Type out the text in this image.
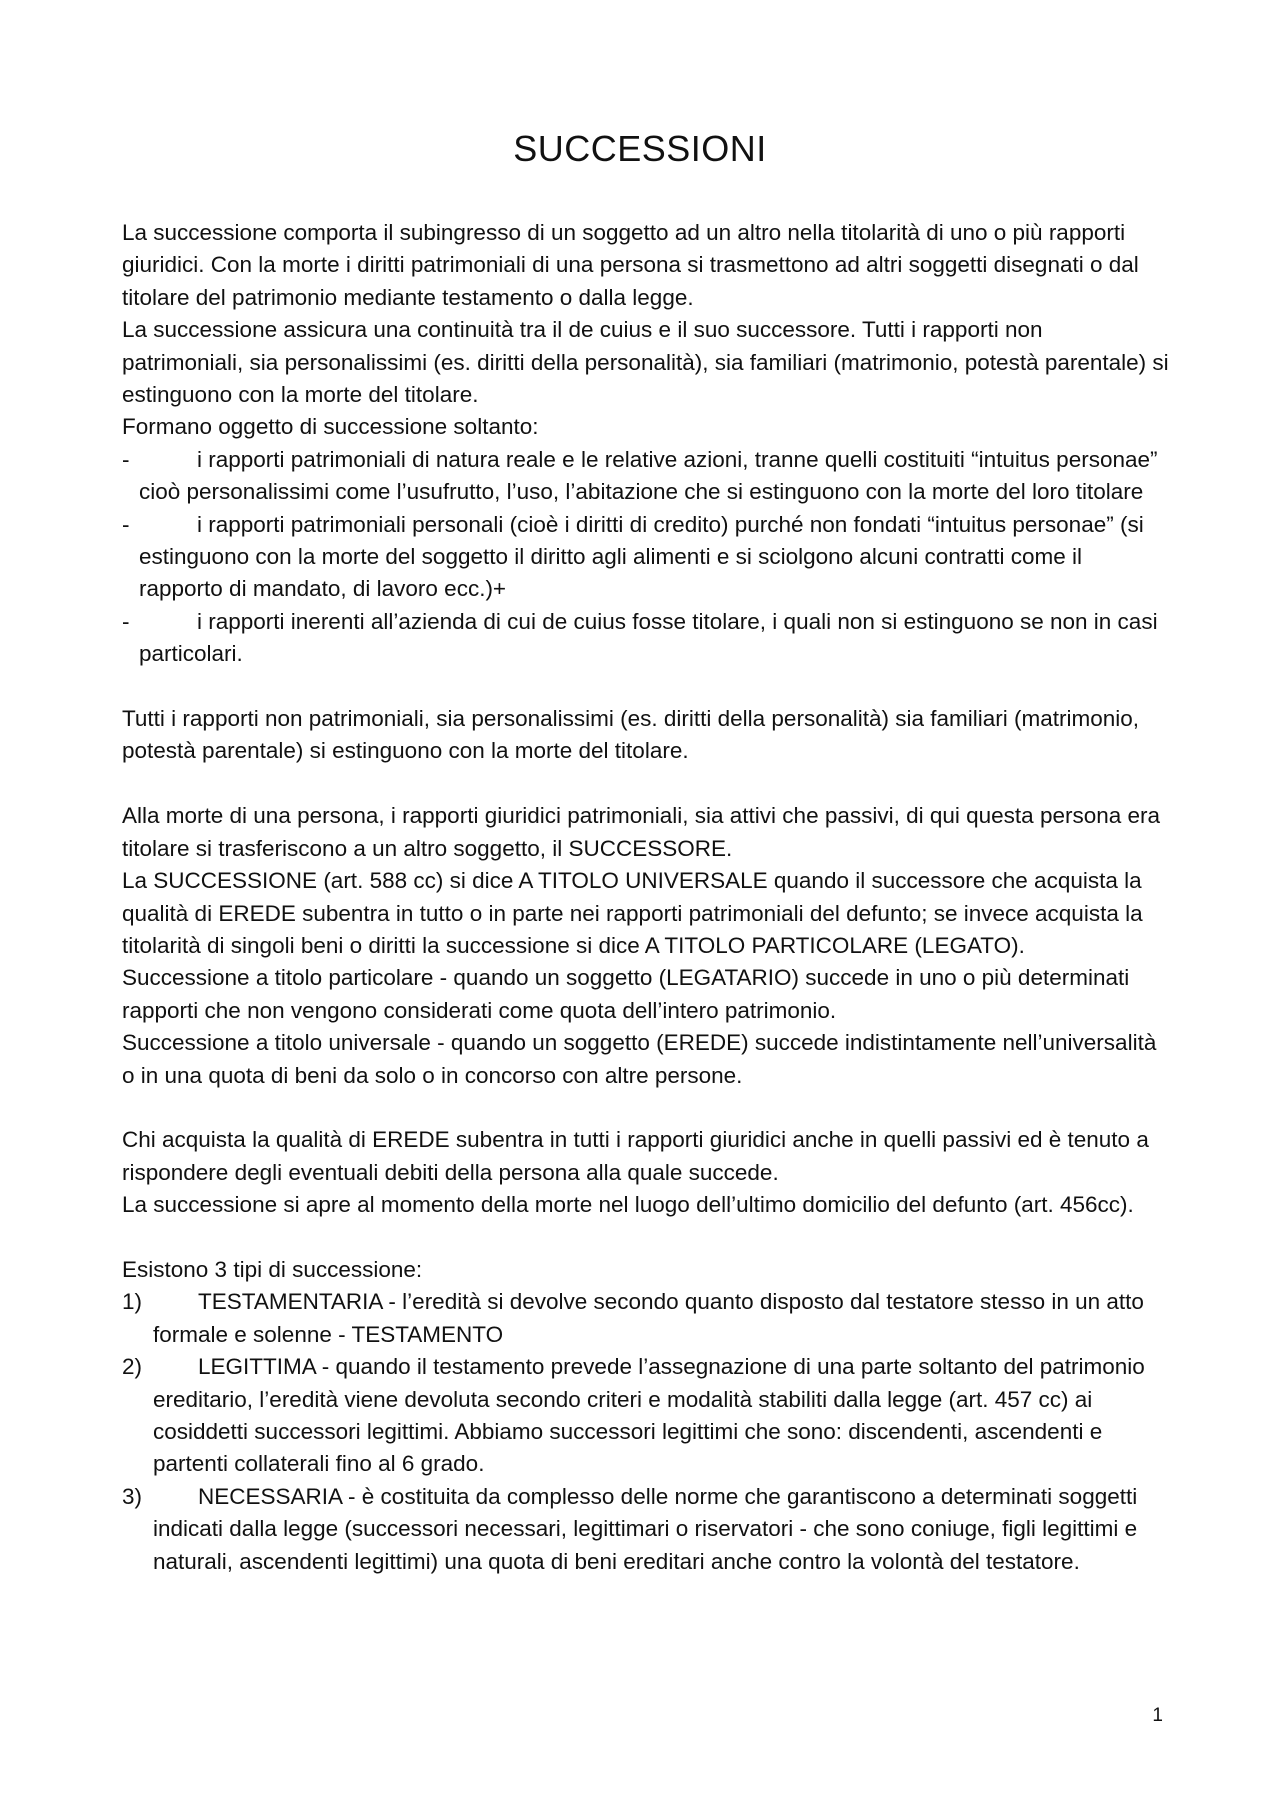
SUCCESSIONI

La successione comporta il subingresso di un soggetto ad un altro nella titolarità di uno o più rapporti giuridici. Con la morte i diritti patrimoniali di una persona si trasmettono ad altri soggetti disegnati o dal titolare del patrimonio mediante testamento o dalla legge.

La successione assicura una continuità tra il de cuius e il suo successore. Tutti i rapporti non patrimoniali, sia personalissimi (es. diritti della personalità), sia familiari (matrimonio, potestà parentale) si estinguono con la morte del titolare.

Formano oggetto di successione soltanto:

-	i rapporti patrimoniali di natura reale e le relative azioni, tranne quelli costituiti “intuitus personae” cioò personalissimi come l’usufrutto, l’uso, l’abitazione che si estinguono con la morte del loro titolare
-	i rapporti patrimoniali personali (cioè i diritti di credito) purché non fondati “intuitus personae” (si estinguono con la morte del soggetto il diritto agli alimenti e si sciolgono alcuni contratti come il rapporto di mandato, di lavoro ecc.)+
-	i rapporti inerenti all’azienda di cui de cuius fosse titolare, i quali non si estinguono se non in casi particolari.

Tutti i rapporti non patrimoniali, sia personalissimi (es. diritti della personalità) sia familiari (matrimonio, potestà parentale) si estinguono con la morte del titolare.

Alla morte di una persona, i rapporti giuridici patrimoniali, sia attivi che passivi, di qui questa persona era titolare si trasferiscono a un altro soggetto, il SUCCESSORE.

La SUCCESSIONE (art. 588 cc) si dice A TITOLO UNIVERSALE quando il successore che acquista la qualità di EREDE subentra in tutto o in parte nei rapporti patrimoniali del defunto; se invece acquista la titolarità di singoli beni o diritti la successione si dice A TITOLO PARTICOLARE (LEGATO).

Successione a titolo particolare - quando un soggetto (LEGATARIO) succede in uno o più determinati rapporti che non vengono considerati come quota dell’intero patrimonio.

Successione a titolo universale - quando un soggetto (EREDE) succede indistintamente nell’universalità o in una quota di beni da solo o in concorso con altre persone.

Chi acquista la qualità di EREDE subentra in tutti i rapporti giuridici anche in quelli passivi ed è tenuto a rispondere degli eventuali debiti della persona alla quale succede.

La successione si apre al momento della morte nel luogo dell’ultimo domicilio del defunto (art. 456cc).

Esistono 3 tipi di successione:

1) TESTAMENTARIA - l’eredità si devolve secondo quanto disposto dal testatore stesso in un atto formale e solenne - TESTAMENTO
2) LEGITTIMA - quando il testamento prevede l’assegnazione di una parte soltanto del patrimonio ereditario, l’eredità viene devoluta secondo criteri e modalità stabiliti dalla legge (art. 457 cc) ai cosiddetti successori legittimi. Abbiamo successori legittimi che sono: discendenti, ascendenti e partenti collaterali fino al 6 grado.
3) NECESSARIA - è costituita da complesso delle norme che garantiscono a determinati soggetti indicati dalla legge (successori necessari, legittimari o riservatori - che sono coniuge, figli legittimi e naturali, ascendenti legittimi) una quota di beni ereditari anche contro la volontà del testatore.
1
